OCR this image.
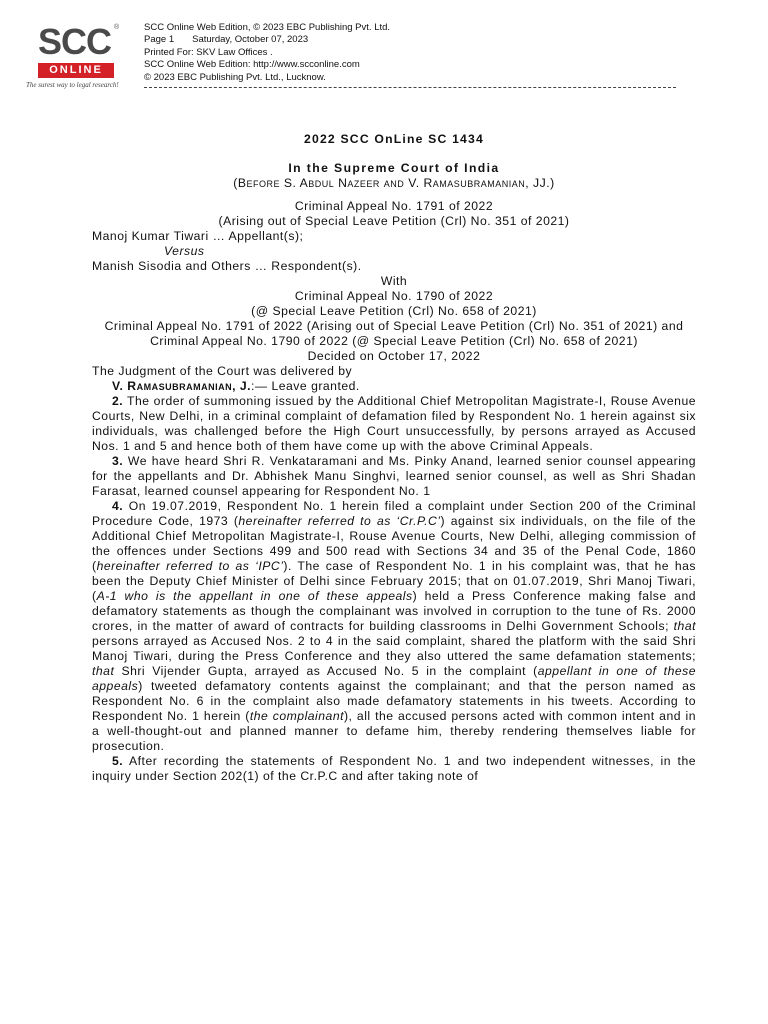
SCC ®
ONLINE
The surest way to legal research!
SCC Online Web Edition, © 2023 EBC Publishing Pvt. Ltd.
Page 1 Saturday, October 07, 2023
Printed For: SKV Law Offices .
SCC Online Web Edition: http://www.scconline.com
© 2023 EBC Publishing Pvt. Ltd., Lucknow.
2022 SCC OnLine SC 1434
In the Supreme Court of India
(Before S. Abdul Nazeer and V. Ramasubramanian, JJ.)
Criminal Appeal No. 1791 of 2022
(Arising out of Special Leave Petition (Crl) No. 351 of 2021)
Manoj Kumar Tiwari … Appellant(s);
Versus
Manish Sisodia and Others … Respondent(s).
With
Criminal Appeal No. 1790 of 2022
(@ Special Leave Petition (Crl) No. 658 of 2021)
Criminal Appeal No. 1791 of 2022 (Arising out of Special Leave Petition (Crl) No. 351 of 2021) and Criminal Appeal No. 1790 of 2022 (@ Special Leave Petition (Crl) No. 658 of 2021)
Decided on October 17, 2022
The Judgment of the Court was delivered by

V. Ramasubramanian, J.:— Leave granted.

2. The order of summoning issued by the Additional Chief Metropolitan Magistrate-I, Rouse Avenue Courts, New Delhi, in a criminal complaint of defamation filed by Respondent No. 1 herein against six individuals, was challenged before the High Court unsuccessfully, by persons arrayed as Accused Nos. 1 and 5 and hence both of them have come up with the above Criminal Appeals.

3. We have heard Shri R. Venkataramani and Ms. Pinky Anand, learned senior counsel appearing for the appellants and Dr. Abhishek Manu Singhvi, learned senior counsel, as well as Shri Shadan Farasat, learned counsel appearing for Respondent No. 1

4. On 19.07.2019, Respondent No. 1 herein filed a complaint under Section 200 of the Criminal Procedure Code, 1973 (hereinafter referred to as ‘Cr.P.C’) against six individuals, on the file of the Additional Chief Metropolitan Magistrate-I, Rouse Avenue Courts, New Delhi, alleging commission of the offences under Sections 499 and 500 read with Sections 34 and 35 of the Penal Code, 1860 (hereinafter referred to as ‘IPC’). The case of Respondent No. 1 in his complaint was, that he has been the Deputy Chief Minister of Delhi since February 2015; that on 01.07.2019, Shri Manoj Tiwari, (A-1 who is the appellant in one of these appeals) held a Press Conference making false and defamatory statements as though the complainant was involved in corruption to the tune of Rs. 2000 crores, in the matter of award of contracts for building classrooms in Delhi Government Schools; that persons arrayed as Accused Nos. 2 to 4 in the said complaint, shared the platform with the said Shri Manoj Tiwari, during the Press Conference and they also uttered the same defamation statements; that Shri Vijender Gupta, arrayed as Accused No. 5 in the complaint (appellant in one of these appeals) tweeted defamatory contents against the complainant; and that the person named as Respondent No. 6 in the complaint also made defamatory statements in his tweets. According to Respondent No. 1 herein (the complainant), all the accused persons acted with common intent and in a well-thought-out and planned manner to defame him, thereby rendering themselves liable for prosecution.

5. After recording the statements of Respondent No. 1 and two independent witnesses, in the inquiry under Section 202(1) of the Cr.P.C and after taking note of
